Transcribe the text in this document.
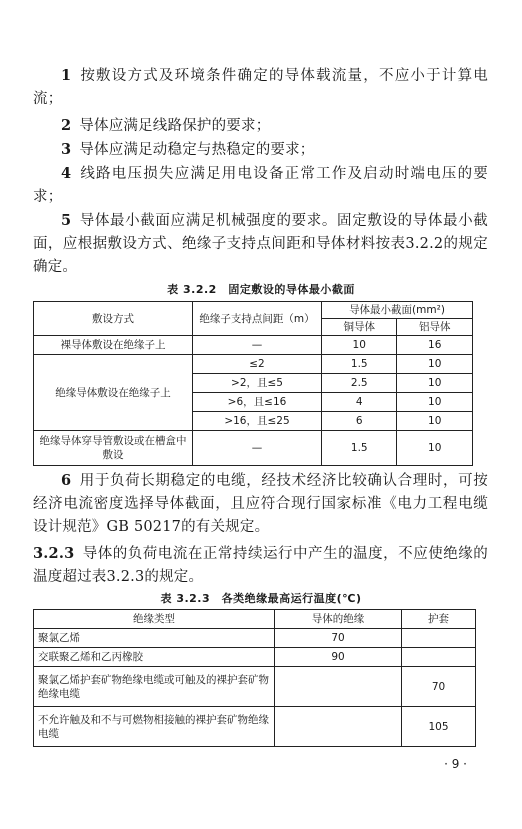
1 按敷设方式及环境条件确定的导体载流量，不应小于计算电流；
2 导体应满足线路保护的要求；
3 导体应满足动稳定与热稳定的要求；
4 线路电压损失应满足用电设备正常工作及启动时端电压的要求；
5 导体最小截面应满足机械强度的要求。固定敷设的导体最小截面，应根据敷设方式、绝缘子支持点间距和导体材料按表3.2.2的规定确定。
表 3.2.2　固定敷设的导体最小截面
敷设方式	绝缘子支持点间距（m）	导体最小截面(mm²)	
		铜导体	铝导体
裸导体敷设在绝缘子上	—	10	16
绝缘导体敷设在绝缘子上	≤2	1.5	10
	>2，且≤5	2.5	10
	>6，且≤16	4	10
	>16，且≤25	6	10
绝缘导体穿导管敷设或在槽盒中敷设	—	1.5	10
6 用于负荷长期稳定的电缆，经技术经济比较确认合理时，可按经济电流密度选择导体截面，且应符合现行国家标准《电力工程电缆设计规范》GB 50217的有关规定。
3.2.3 导体的负荷电流在正常持续运行中产生的温度，不应使绝缘的温度超过表3.2.3的规定。
表 3.2.3　各类绝缘最高运行温度(℃)
绝缘类型	导体的绝缘	护套
聚氯乙烯	70	
交联聚乙烯和乙丙橡胶	90	
聚氯乙烯护套矿物绝缘电缆或可触及的裸护套矿物绝缘电缆		70
不允许触及和不与可燃物相接触的裸护套矿物绝缘电缆		105
· 9 ·
